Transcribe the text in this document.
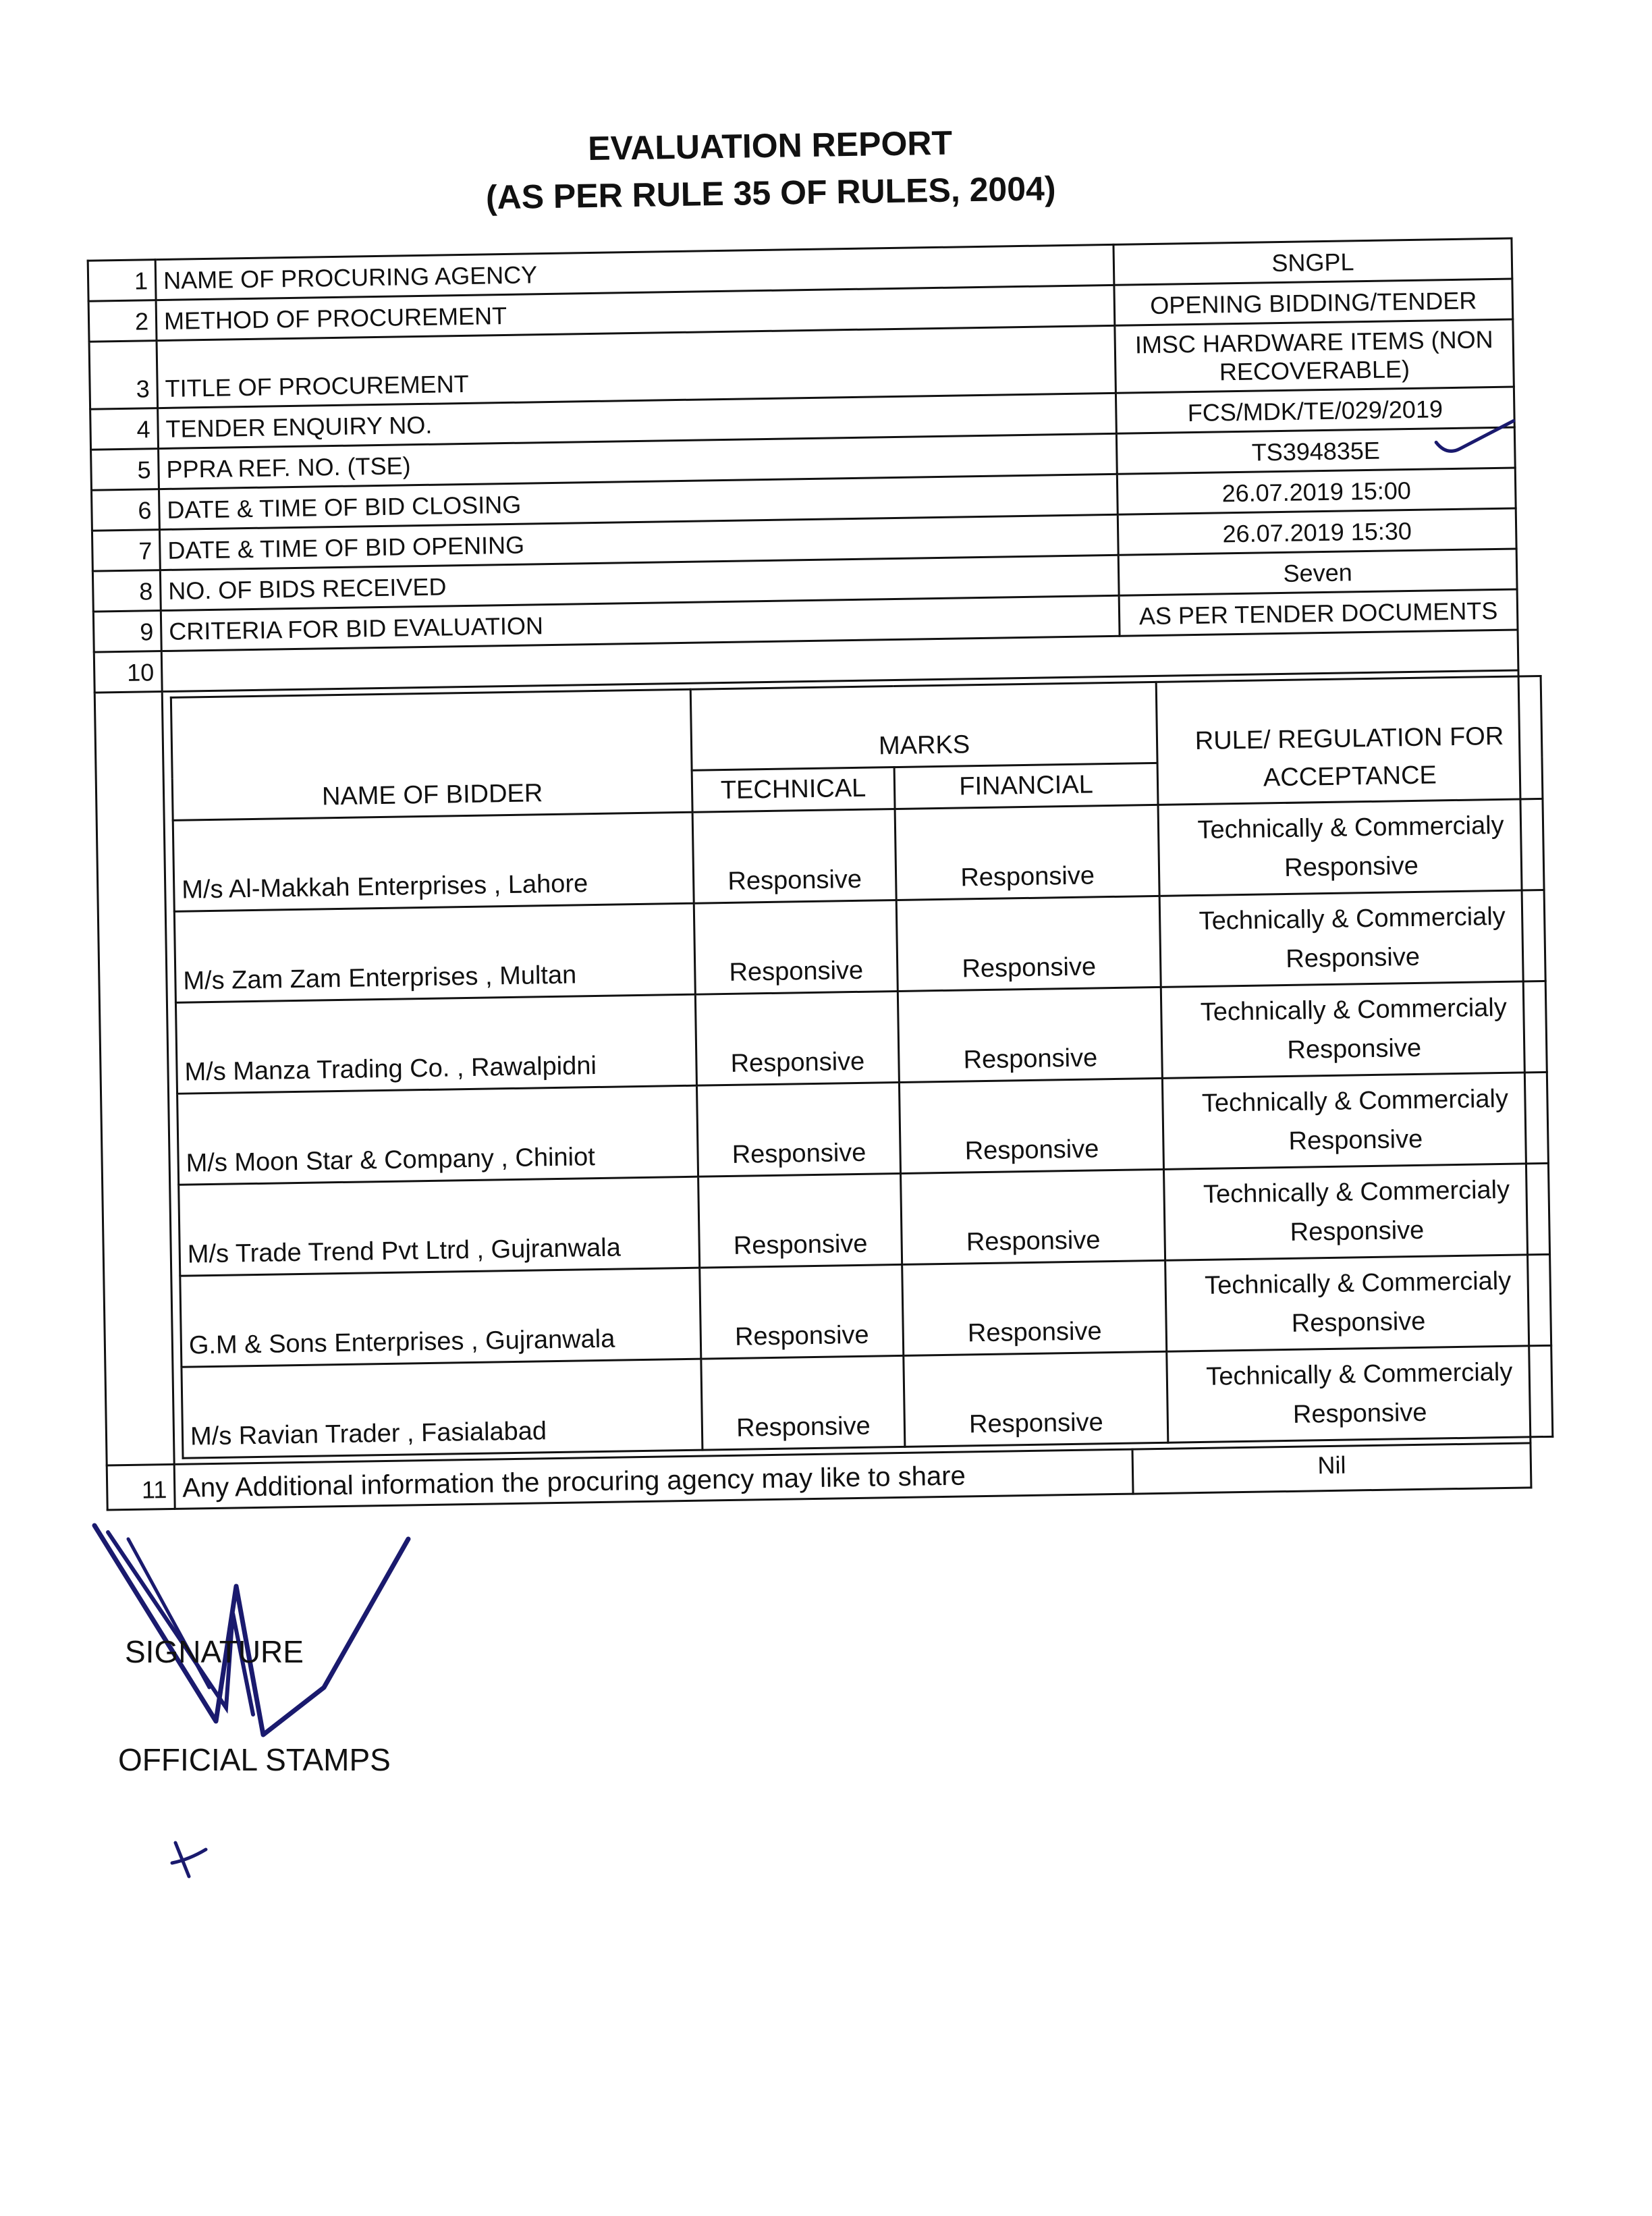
EVALUATION REPORT
(AS PER RULE 35 OF RULES, 2004)
1	NAME OF PROCURING AGENCY	SNGPL
2	METHOD OF PROCUREMENT	OPENING BIDDING/TENDER
3	TITLE OF PROCUREMENT	IMSC HARDWARE ITEMS (NON RECOVERABLE)
4	TENDER ENQUIRY NO.	FCS/MDK/TE/029/2019
5	PPRA REF. NO. (TSE)	TS394835E
6	DATE & TIME OF BID CLOSING	26.07.2019 15:00
7	DATE & TIME OF BID OPENING	26.07.2019 15:30
8	NO. OF BIDS RECEIVED	Seven
9	CRITERIA FOR BID EVALUATION	AS PER TENDER DOCUMENTS
10	

NAME OF BIDDER	MARKS	RULE/ REGULATION FOR ACCEPTANCE
TECHNICAL	FINANCIAL
M/s Al-Makkah Enterprises , Lahore	Responsive	Responsive	Technically & Commercialy Responsive
M/s Zam Zam Enterprises , Multan	Responsive	Responsive	Technically & Commercialy Responsive
M/s Manza Trading Co. , Rawalpidni	Responsive	Responsive	Technically & Commercialy Responsive
M/s Moon Star & Company , Chiniot	Responsive	Responsive	Technically & Commercialy Responsive
M/s Trade Trend Pvt Ltrd , Gujranwala	Responsive	Responsive	Technically & Commercialy Responsive
G.M & Sons Enterprises , Gujranwala	Responsive	Responsive	Technically & Commercialy Responsive
M/s Ravian Trader , Fasialabad	Responsive	Responsive	Technically & Commercialy Responsive

11	Any Additional information the procuring agency may like to share	Nil
SIGNATURE
OFFICIAL STAMPS
